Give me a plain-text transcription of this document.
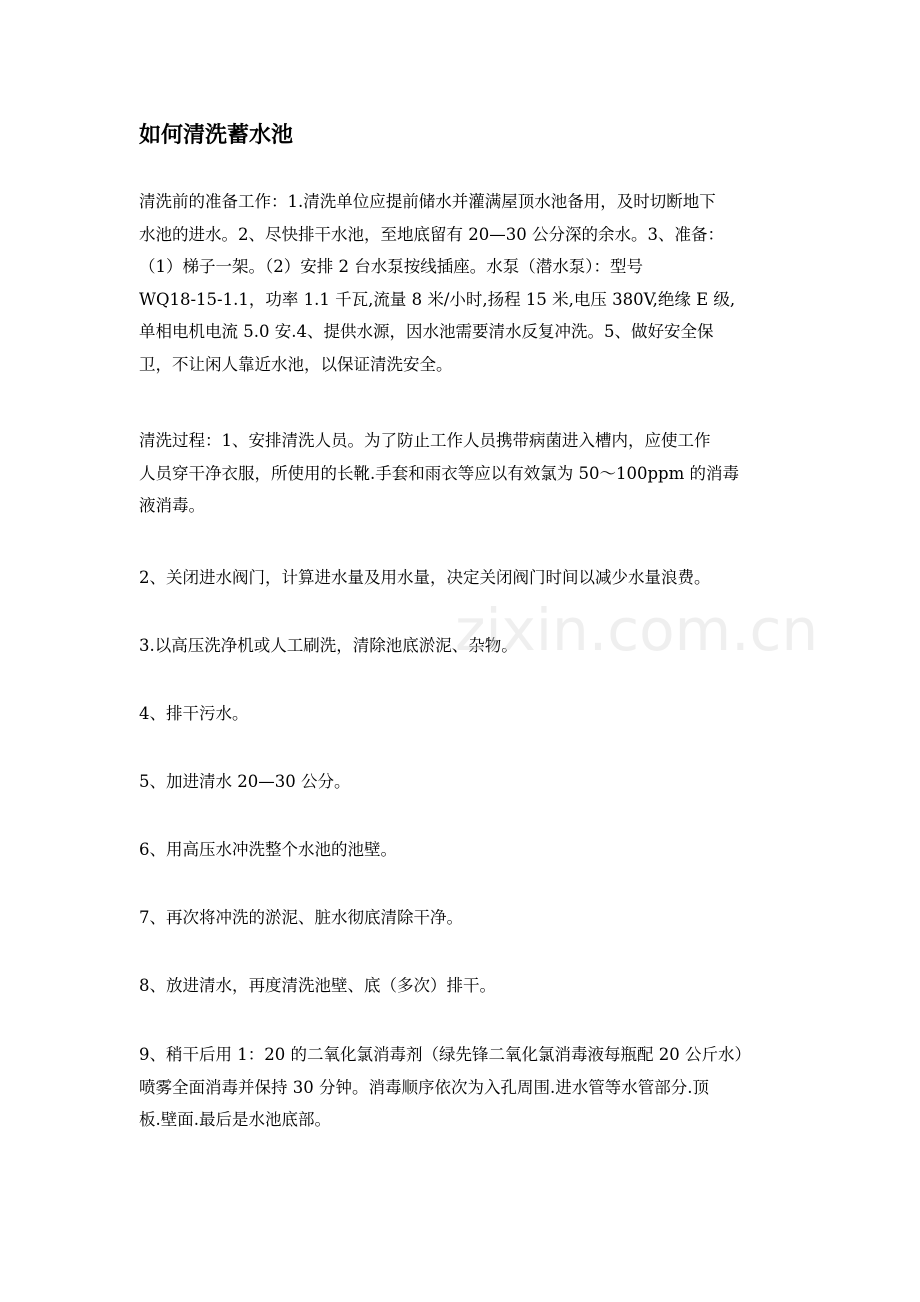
如何清洗蓄水池

清洗前的准备工作：1.清洗单位应提前储水并灌满屋顶水池备用，及时切断地下
水池的进水。2、尽快排干水池，至地底留有 20—30 公分深的余水。3、准备：
（1）梯子一架。（2）安排 2 台水泵按线插座。水泵（潜水泵）：型号
WQ18-15-1.1，功率 1.1 千瓦,流量 8 米/小时,扬程 15 米,电压 380V,绝缘 E 级,
单相电机电流 5.0 安.4、提供水源，因水池需要清水反复冲洗。5、做好安全保
卫，不让闲人靠近水池，以保证清洗安全。

清洗过程：1、安排清洗人员。为了防止工作人员携带病菌进入槽内，应使工作
人员穿干净衣服，所使用的长靴.手套和雨衣等应以有效氯为 50～100ppm 的消毒
液消毒。

2、关闭进水阀门，计算进水量及用水量，决定关闭阀门时间以减少水量浪费。

3.以高压洗净机或人工刷洗，清除池底淤泥、杂物。

4、排干污水。

5、加进清水 20—30 公分。

6、用高压水冲洗整个水池的池壁。

7、再次将冲洗的淤泥、脏水彻底清除干净。

8、放进清水，再度清洗池壁、底（多次）排干。

9、稍干后用 1：20 的二氧化氯消毒剂（绿先锋二氧化氯消毒液每瓶配 20 公斤水）
喷雾全面消毒并保持 30 分钟。消毒顺序依次为入孔周围.进水管等水管部分.顶
板.壁面.最后是水池底部。

zixin.com.cn
